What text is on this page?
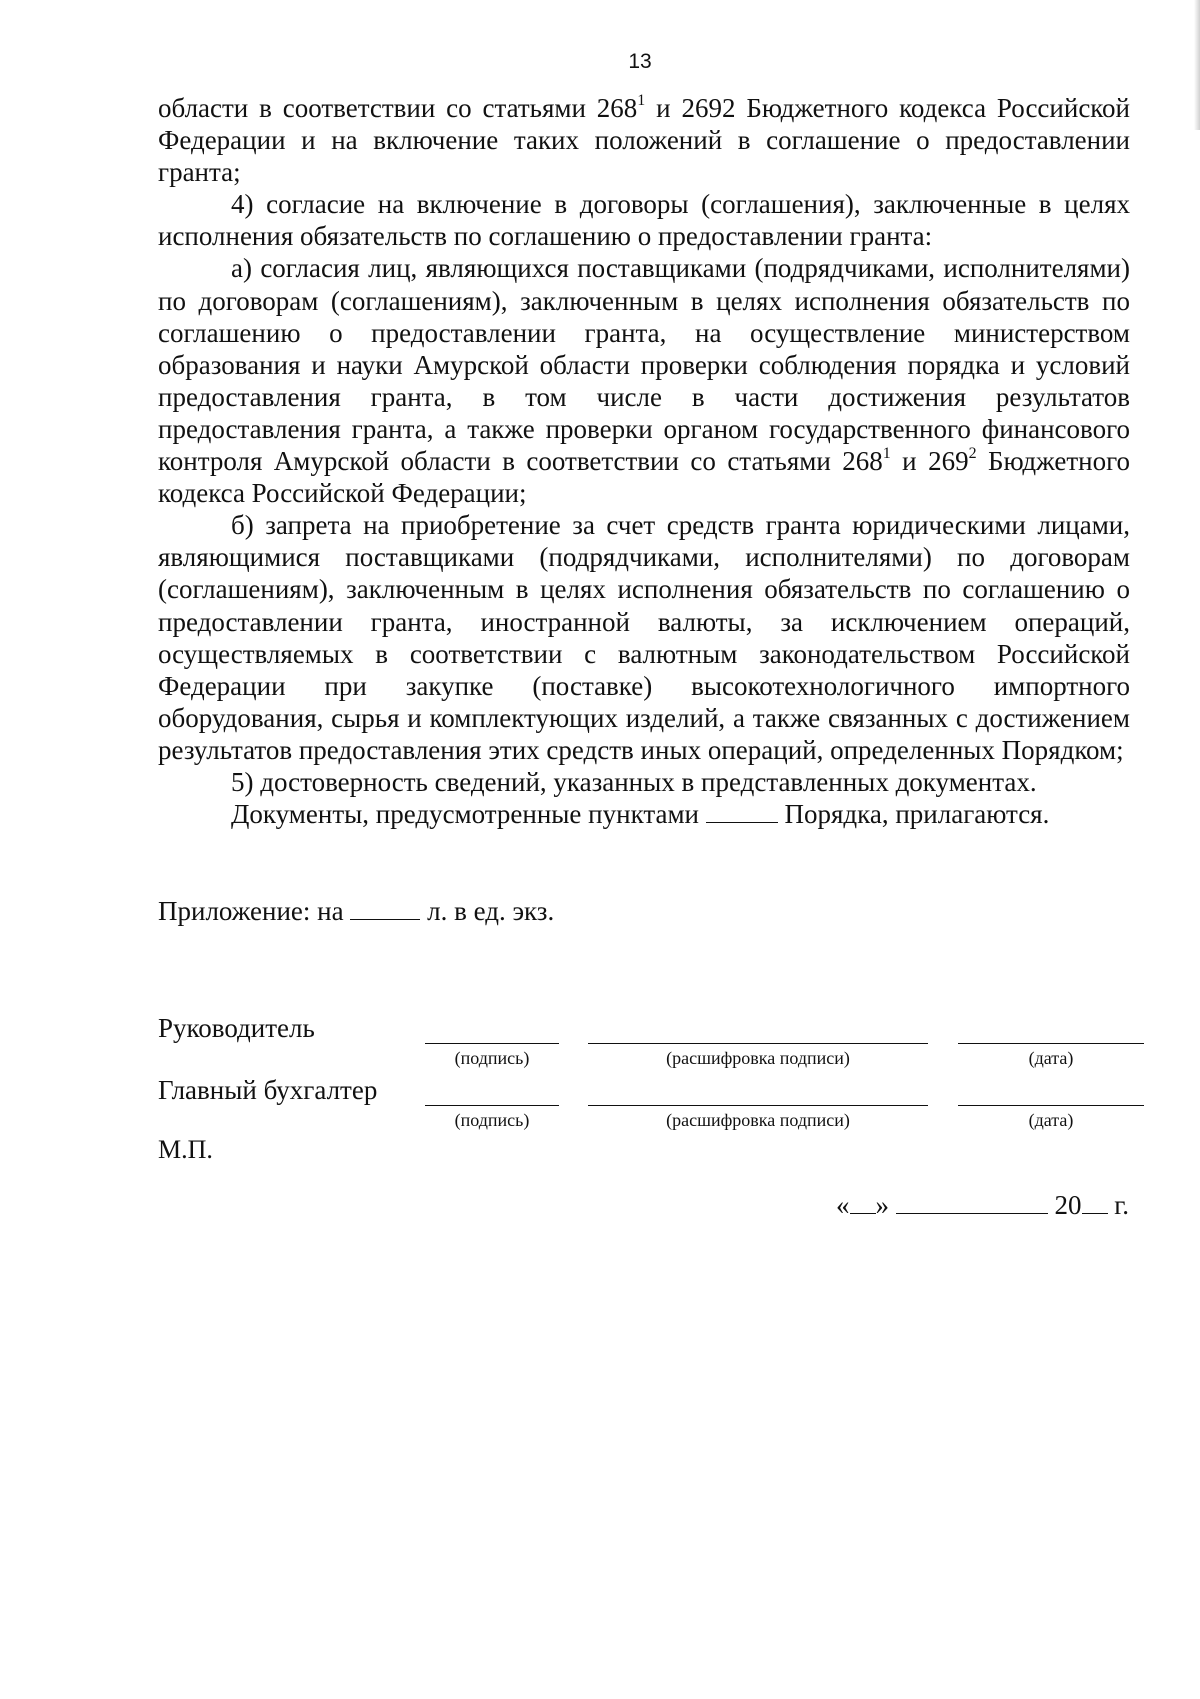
13

области в соответствии со статьями $268^1$ и 2692 Бюджетного кодекса Российской Федерации и на включение таких положений в соглашение о предоставлении гранта;

4) согласие на включение в договоры (соглашения), заключенные в целях исполнения обязательств по соглашению о предоставлении гранта:

а) согласия лиц, являющихся поставщиками (подрядчиками, исполнителями) по договорам (соглашениям), заключенным в целях исполнения обязательств по соглашению о предоставлении гранта, на осуществление министерством образования и науки Амурской области проверки соблюдения порядка и условий предоставления гранта, в том числе в части достижения результатов предоставления гранта, а также проверки органом государственного финансового контроля Амурской области в соответствии со статьями $268^1$ и $269^2$ Бюджетного кодекса Российской Федерации;

б) запрета на приобретение за счет средств гранта юридическими лицами, являющимися поставщиками (подрядчиками, исполнителями) по договорам (соглашениям), заключенным в целях исполнения обязательств по соглашению о предоставлении гранта, иностранной валюты, за исключением операций, осуществляемых в соответствии с валютным законодательством Российской Федерации при закупке (поставке) высокотехнологичного импортного оборудования, сырья и комплектующих изделий, а также связанных с достижением результатов предоставления этих средств иных операций, определенных Порядком;

5) достоверность сведений, указанных в представленных документах.

Документы, предусмотренные пунктами	Порядка, прилагаются.

Приложение: на	л. в ед. экз.
Руководитель
(подпись)	(расшифровка подписи)	(дата)
Главный бухгалтер
(подпись)	(расшифровка подписи)	(дата)
М.П.
« »	20 г.
